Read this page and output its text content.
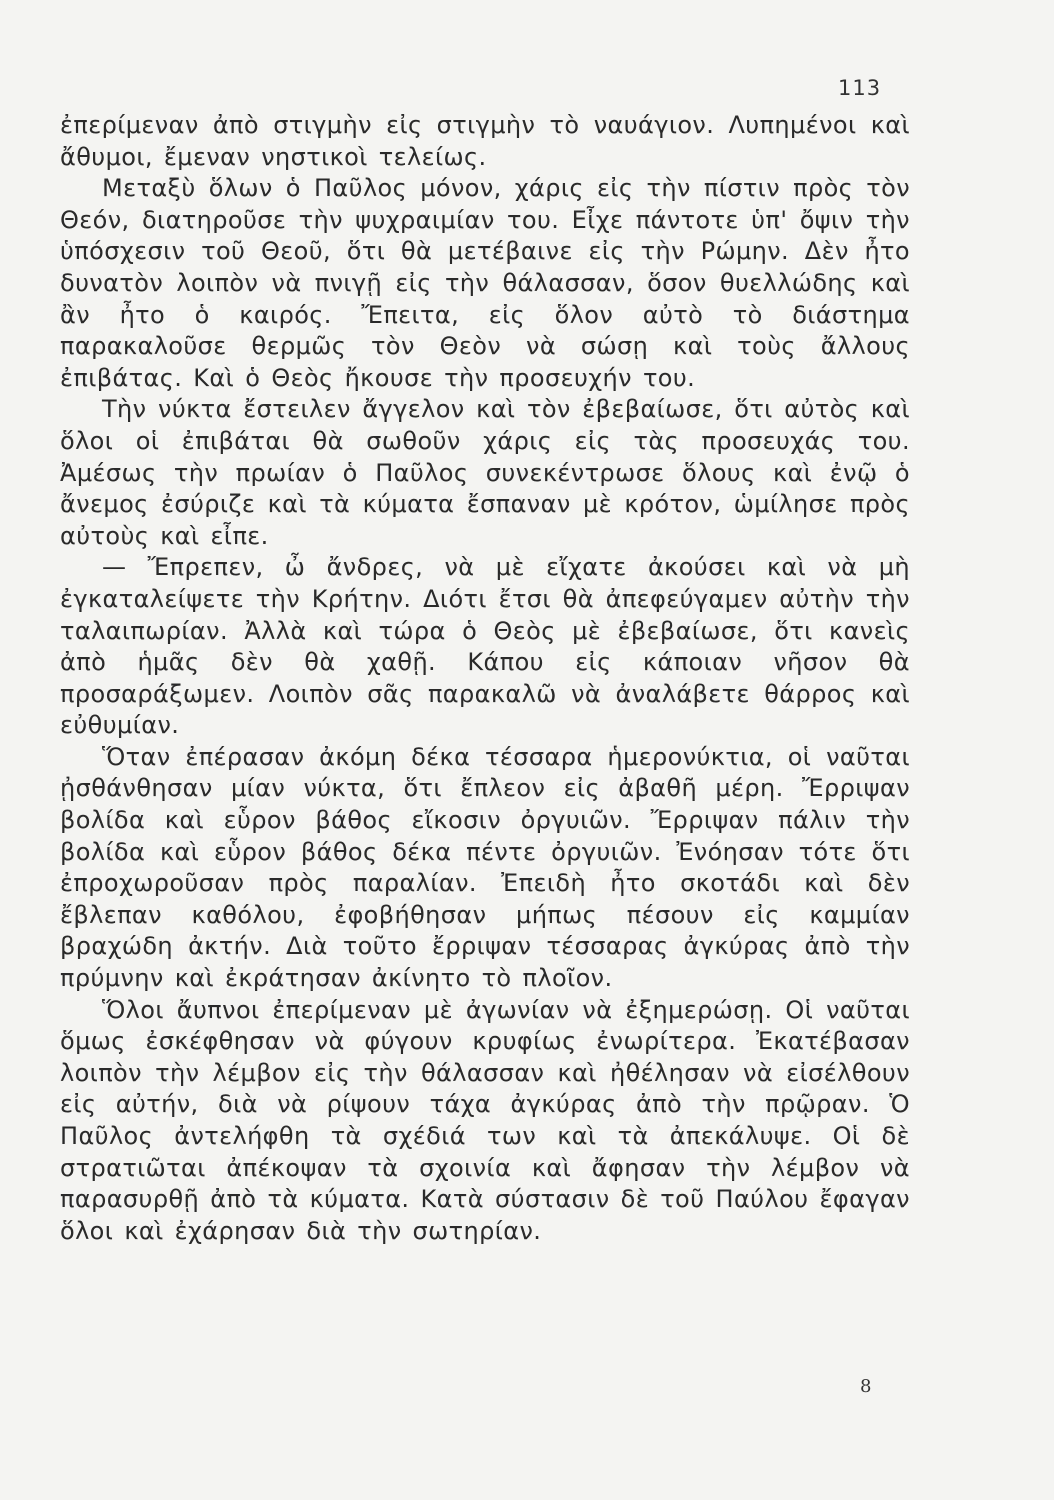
113

ἐπερίμεναν ἀπὸ στιγμὴν εἰς στιγμὴν τὸ ναυάγιον. Λυπημένοι καὶ ἄθυμοι, ἔμεναν νηστικοὶ τελείως.

Μεταξὺ ὅλων ὁ Παῦλος μόνον, χάρις εἰς τὴν πίστιν πρὸς τὸν Θεόν, διατηροῦσε τὴν ψυχραιμίαν του. Εἶχε πάντοτε ὑπ' ὄψιν τὴν ὑπόσχεσιν τοῦ Θεοῦ, ὅτι θὰ μετέβαινε εἰς τὴν Ρώμην. Δὲν ἦτο δυνατὸν λοιπὸν νὰ πνιγῇ εἰς τὴν θάλασσαν, ὅσον θυελλώδης καὶ ἂν ἦτο ὁ καιρός. Ἔπειτα, εἰς ὅλον αὐτὸ τὸ διάστημα παρακαλοῦσε θερμῶς τὸν Θεὸν νὰ σώσῃ καὶ τοὺς ἄλλους ἐπιβάτας. Καὶ ὁ Θεὸς ἤκουσε τὴν προσευχήν του.

Τὴν νύκτα ἔστειλεν ἄγγελον καὶ τὸν ἐβεβαίωσε, ὅτι αὐτὸς καὶ ὅλοι οἱ ἐπιβάται θὰ σωθοῦν χάρις εἰς τὰς προσευχάς του. Ἀμέσως τὴν πρωίαν ὁ Παῦλος συνεκέντρωσε ὅλους καὶ ἐνῷ ὁ ἄνεμος ἐσύριζε καὶ τὰ κύματα ἔσπαναν μὲ κρότον, ὡμίλησε πρὸς αὐτοὺς καὶ εἶπε.

— Ἔπρεπεν, ὦ ἄνδρες, νὰ μὲ εἴχατε ἀκούσει καὶ νὰ μὴ ἐγκαταλείψετε τὴν Κρήτην. Διότι ἔτσι θὰ ἀπεφεύγαμεν αὐτὴν τὴν ταλαιπωρίαν. Ἀλλὰ καὶ τώρα ὁ Θεὸς μὲ ἐβεβαίωσε, ὅτι κανεὶς ἀπὸ ἡμᾶς δὲν θὰ χαθῇ. Κάπου εἰς κάποιαν νῆσον θὰ προσαράξωμεν. Λοιπὸν σᾶς παρακαλῶ νὰ ἀναλάβετε θάρρος καὶ εὐθυμίαν.

Ὅταν ἐπέρασαν ἀκόμη δέκα τέσσαρα ἡμερονύκτια, οἱ ναῦται ᾐσθάνθησαν μίαν νύκτα, ὅτι ἔπλεον εἰς ἀβαθῆ μέρη. Ἔρριψαν βολίδα καὶ εὗρον βάθος εἴκοσιν ὀργυιῶν. Ἔρριψαν πάλιν τὴν βολίδα καὶ εὗρον βάθος δέκα πέντε ὀργυιῶν. Ἐνόησαν τότε ὅτι ἐπροχωροῦσαν πρὸς παραλίαν. Ἐπειδὴ ἦτο σκοτάδι καὶ δὲν ἔβλεπαν καθόλου, ἐφοβήθησαν μήπως πέσουν εἰς καμμίαν βραχώδη ἀκτήν. Διὰ τοῦτο ἔρριψαν τέσσαρας ἀγκύρας ἀπὸ τὴν πρύμνην καὶ ἐκράτησαν ἀκίνητο τὸ πλοῖον.

Ὅλοι ἄυπνοι ἐπερίμεναν μὲ ἀγωνίαν νὰ ἐξημερώσῃ. Οἱ ναῦται ὅμως ἐσκέφθησαν νὰ φύγουν κρυφίως ἐνωρίτερα. Ἐκατέβασαν λοιπὸν τὴν λέμβον εἰς τὴν θάλασσαν καὶ ἠθέλησαν νὰ εἰσέλθουν εἰς αὐτήν, διὰ νὰ ρίψουν τάχα ἀγκύρας ἀπὸ τὴν πρῷραν. Ὁ Παῦλος ἀντελήφθη τὰ σχέδιά των καὶ τὰ ἀπεκάλυψε. Οἱ δὲ στρατιῶται ἀπέκοψαν τὰ σχοινία καὶ ἄφησαν τὴν λέμβον νὰ παρασυρθῇ ἀπὸ τὰ κύματα. Κατὰ σύστασιν δὲ τοῦ Παύλου ἔφαγαν ὅλοι καὶ ἐχάρησαν διὰ τὴν σωτηρίαν.

8
